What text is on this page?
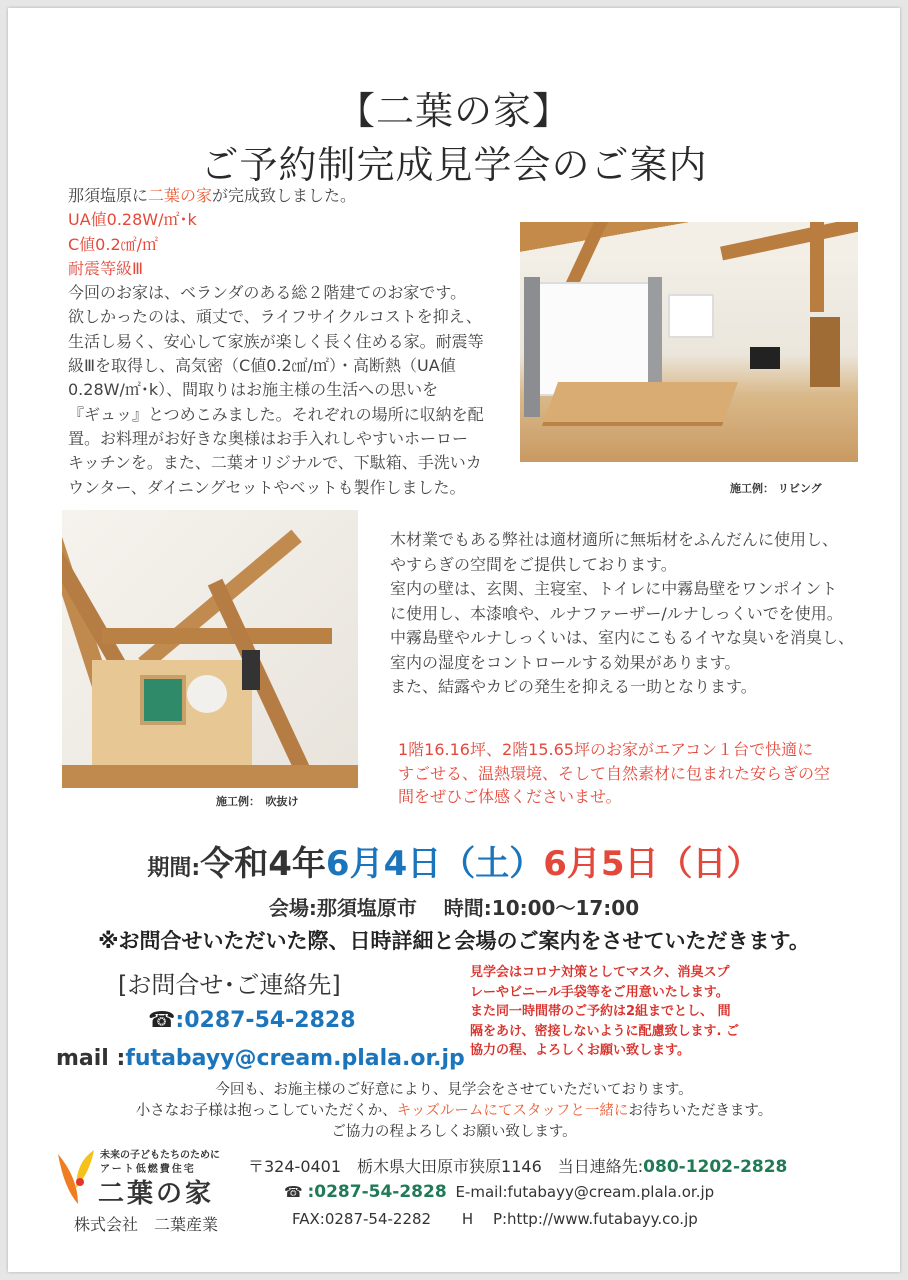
【二葉の家】
ご予約制完成見学会のご案内
那須塩原に二葉の家が完成致しました。
UA値0.28W/㎡･k
C値0.2㎠/㎡
耐震等級Ⅲ
今回のお家は、ベランダのある総２階建てのお家です。
欲しかったのは、頑丈で、ライフサイクルコストを抑え、
生活し易く、安心して家族が楽しく長く住める家。耐震等
級Ⅲを取得し、高気密（C値0.2㎠/㎡）・高断熱（UA値
0.28W/㎡･k）、間取りはお施主様の生活への思いを
『ギュッ』とつめこみました。それぞれの場所に収納を配
置。お料理がお好きな奥様はお手入れしやすいホーロー
キッチンを。また、二葉オリジナルで、下駄箱、手洗いカ
ウンター、ダイニングセットやベットも製作しました。	施工例： リビング
施工例：　吹抜け
木材業でもある弊社は適材適所に無垢材をふんだんに使用し、
やすらぎの空間をご提供しております。
室内の壁は、玄関、主寝室、トイレに中霧島壁をワンポイント
に使用し、本漆喰や、ルナファーザー/ルナしっくいでを使用。
中霧島壁やルナしっくいは、室内にこもるイヤな臭いを消臭し、
室内の湿度をコントロールする効果があります。
また、結露やカビの発生を抑える一助となります。
1階16.16坪、2階15.65坪のお家がエアコン１台で快適に
すごせる、温熱環境、そして自然素材に包まれた安らぎの空
間をぜひご体感くださいませ。
期間:令和4年6月4日（土）6月5日（日）
会場:那須塩原市　 時間:10:00〜17:00
※お問合せいただいた際、日時詳細と会場のご案内をさせていただきます。
[お問合せ･ご連絡先]
☎:0287-54-2828
mail :futabayy@cream.plala.or.jp
見学会はコロナ対策としてマスク、消臭スプ
レーやビニール手袋等をご用意いたします。
また同一時間帯のご予約は2組までとし、 間
隔をあけ、密接しないように配慮致します. ご
協力の程、よろしくお願い致します。
今回も、お施主様のご好意により、見学会をさせていただいております。
小さなお子様は抱っこしていただくか、キッズルームにてスタッフと一緒にお待ちいただきます。
ご協力の程よろしくお願い致します。
未来の子どもたちのために
アート低燃費住宅
二葉の家
株式会社　二葉産業
〒324-0401　栃木県大田原市狭原1146　当日連絡先:080-1202-2828
☎ :0287-54-2828 E-mail:futabayy@cream.plala.or.jp
FAX:0287-54-2282 H　 P:http://www.futabayy.co.jp
